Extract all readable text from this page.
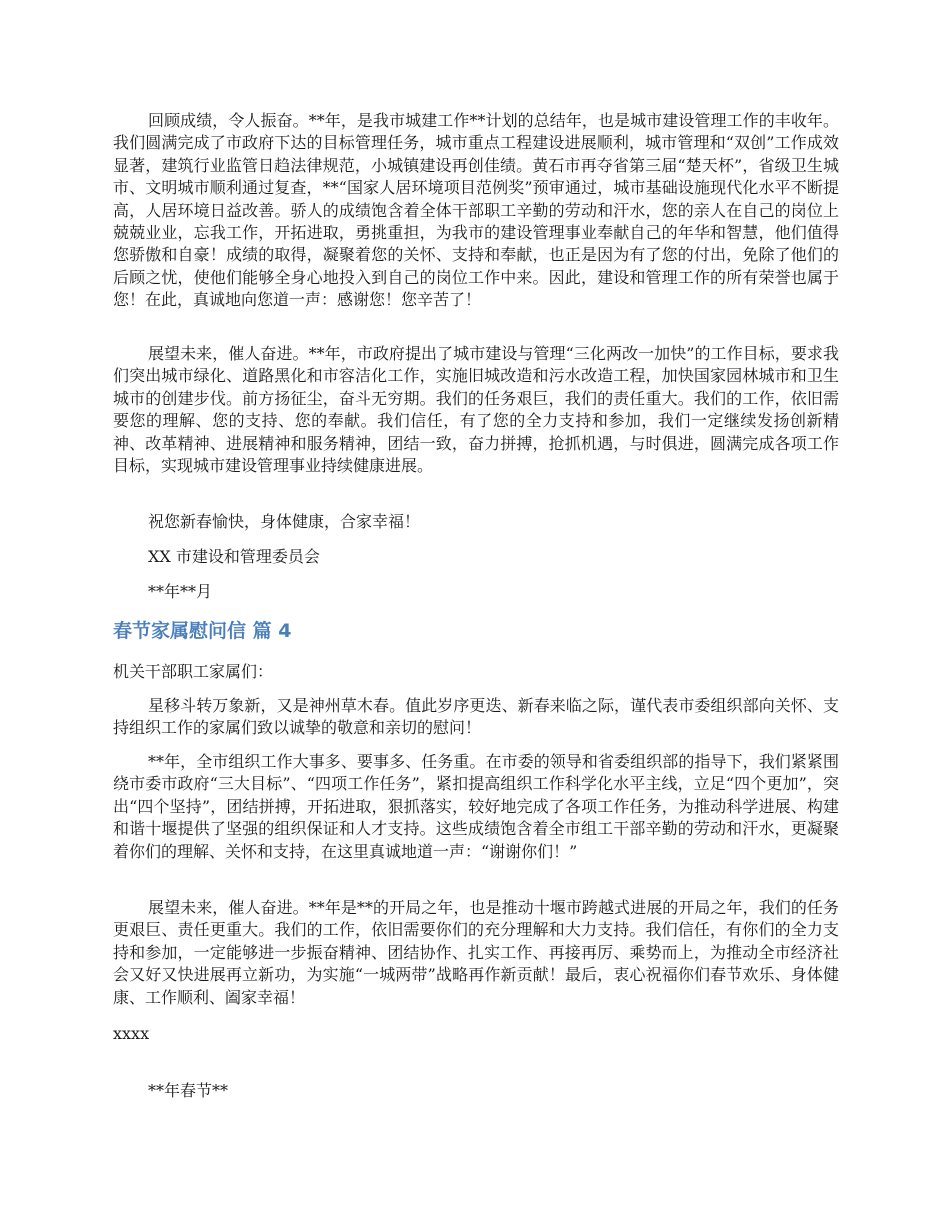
回顾成绩，令人振奋。**年，是我市城建工作**计划的总结年，也是城市建设管理工作的丰收年。我们圆满完成了市政府下达的目标管理任务，城市重点工程建设进展顺利，城市管理和“双创”工作成效显著，建筑行业监管日趋法律规范，小城镇建设再创佳绩。黄石市再夺省第三届“楚天杯”，省级卫生城市、文明城市顺利通过复查，**“国家人居环境项目范例奖”预审通过，城市基础设施现代化水平不断提高，人居环境日益改善。骄人的成绩饱含着全体干部职工辛勤的劳动和汗水，您的亲人在自己的岗位上兢兢业业，忘我工作，开拓进取，勇挑重担，为我市的建设管理事业奉献自己的年华和智慧，他们值得您骄傲和自豪！成绩的取得，凝聚着您的关怀、支持和奉献，也正是因为有了您的付出，免除了他们的后顾之忧，使他们能够全身心地投入到自己的岗位工作中来。因此，建设和管理工作的所有荣誉也属于您！在此，真诚地向您道一声：感谢您！您辛苦了！

展望未来，催人奋进。**年，市政府提出了城市建设与管理“三化两改一加快”的工作目标，要求我们突出城市绿化、道路黑化和市容洁化工作，实施旧城改造和污水改造工程，加快国家园林城市和卫生城市的创建步伐。前方扬征尘，奋斗无穷期。我们的任务艰巨，我们的责任重大。我们的工作，依旧需要您的理解、您的支持、您的奉献。我们信任，有了您的全力支持和参加，我们一定继续发扬创新精神、改革精神、进展精神和服务精神，团结一致，奋力拼搏，抢抓机遇，与时俱进，圆满完成各项工作目标，实现城市建设管理事业持续健康进展。

祝您新春愉快，身体健康，合家幸福！

XX 市建设和管理委员会

**年**月

春节家属慰问信 篇 4

机关干部职工家属们：

星移斗转万象新，又是神州草木春。值此岁序更迭、新春来临之际，谨代表市委组织部向关怀、支持组织工作的家属们致以诚挚的敬意和亲切的慰问！

**年，全市组织工作大事多、要事多、任务重。在市委的领导和省委组织部的指导下，我们紧紧围绕市委市政府“三大目标”、“四项工作任务”，紧扣提高组织工作科学化水平主线，立足“四个更加”，突出“四个坚持”，团结拼搏，开拓进取，狠抓落实，较好地完成了各项工作任务，为推动科学进展、构建和谐十堰提供了坚强的组织保证和人才支持。这些成绩饱含着全市组工干部辛勤的劳动和汗水，更凝聚着你们的理解、关怀和支持，在这里真诚地道一声：“谢谢你们！”

展望未来，催人奋进。**年是**的开局之年，也是推动十堰市跨越式进展的开局之年，我们的任务更艰巨、责任更重大。我们的工作，依旧需要你们的充分理解和大力支持。我们信任，有你们的全力支持和参加，一定能够进一步振奋精神、团结协作、扎实工作、再接再厉、乘势而上，为推动全市经济社会又好又快进展再立新功，为实施“一城两带”战略再作新贡献！最后，衷心祝福你们春节欢乐、身体健康、工作顺利、阖家幸福！

xxxx

**年春节**
